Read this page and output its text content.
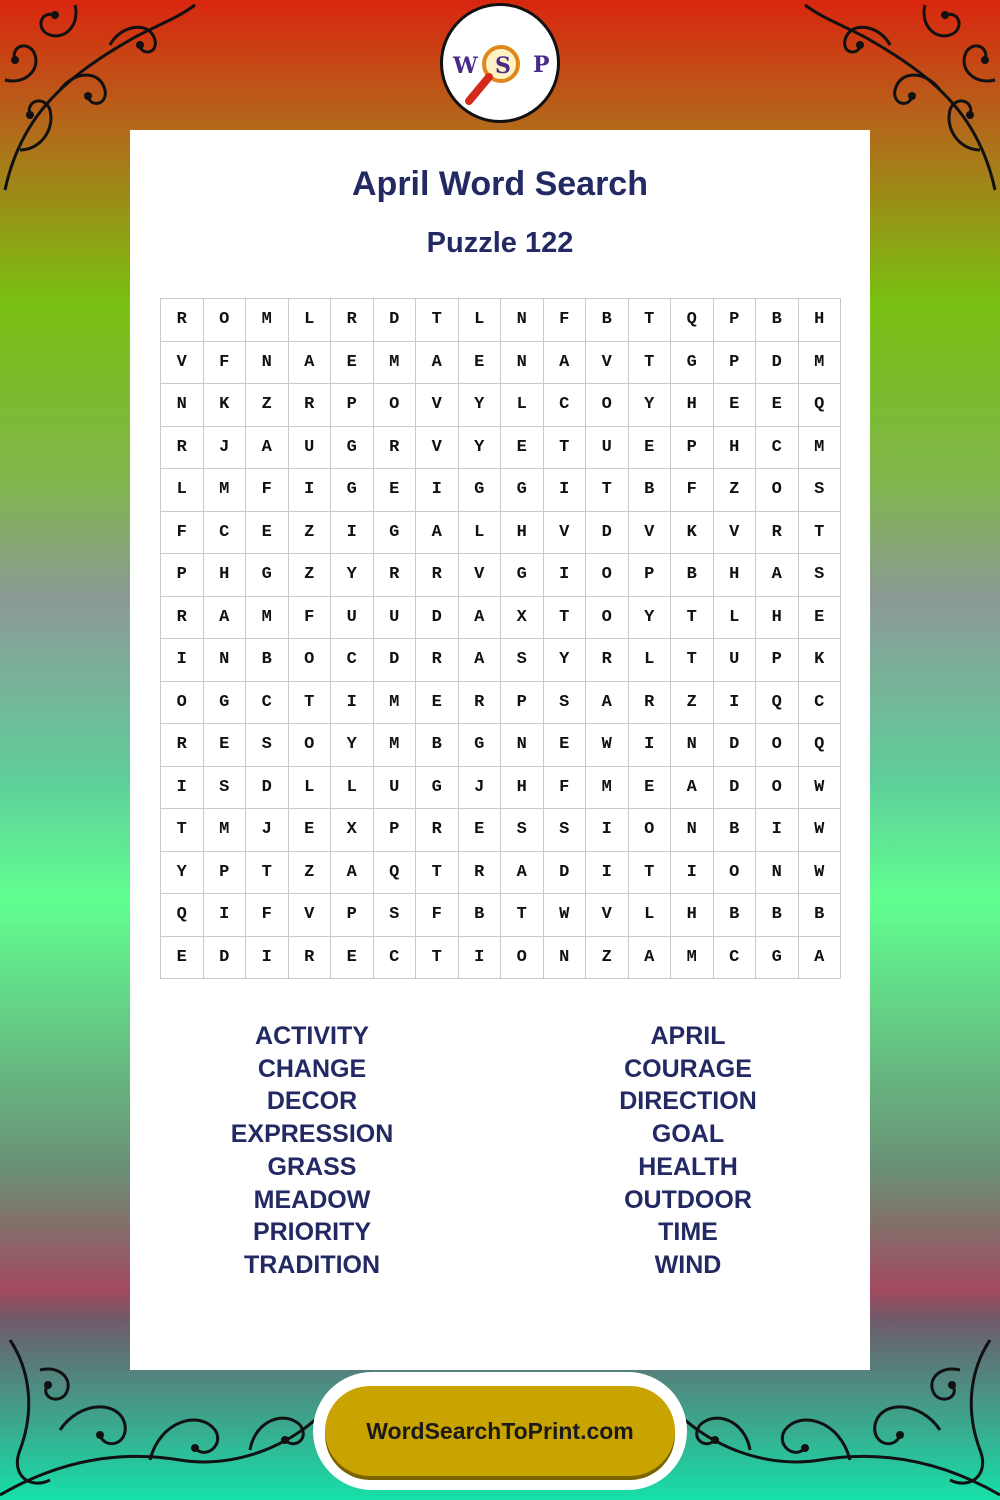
W S P
April Word Search
Puzzle 122
R	O	M	L	R	D	T	L	N	F	B	T	Q	P	B	H
V	F	N	A	E	M	A	E	N	A	V	T	G	P	D	M
N	K	Z	R	P	O	V	Y	L	C	O	Y	H	E	E	Q
R	J	A	U	G	R	V	Y	E	T	U	E	P	H	C	M
L	M	F	I	G	E	I	G	G	I	T	B	F	Z	O	S
F	C	E	Z	I	G	A	L	H	V	D	V	K	V	R	T
P	H	G	Z	Y	R	R	V	G	I	O	P	B	H	A	S
R	A	M	F	U	U	D	A	X	T	O	Y	T	L	H	E
I	N	B	O	C	D	R	A	S	Y	R	L	T	U	P	K
O	G	C	T	I	M	E	R	P	S	A	R	Z	I	Q	C
R	E	S	O	Y	M	B	G	N	E	W	I	N	D	O	Q
I	S	D	L	L	U	G	J	H	F	M	E	A	D	O	W
T	M	J	E	X	P	R	E	S	S	I	O	N	B	I	W
Y	P	T	Z	A	Q	T	R	A	D	I	T	I	O	N	W
Q	I	F	V	P	S	F	B	T	W	V	L	H	B	B	B
E	D	I	R	E	C	T	I	O	N	Z	A	M	C	G	A
ACTIVITY
CHANGE
DECOR
EXPRESSION
GRASS
MEADOW
PRIORITY
TRADITION
APRIL
COURAGE
DIRECTION
GOAL
HEALTH
OUTDOOR
TIME
WIND
WordSearchToPrint.com
